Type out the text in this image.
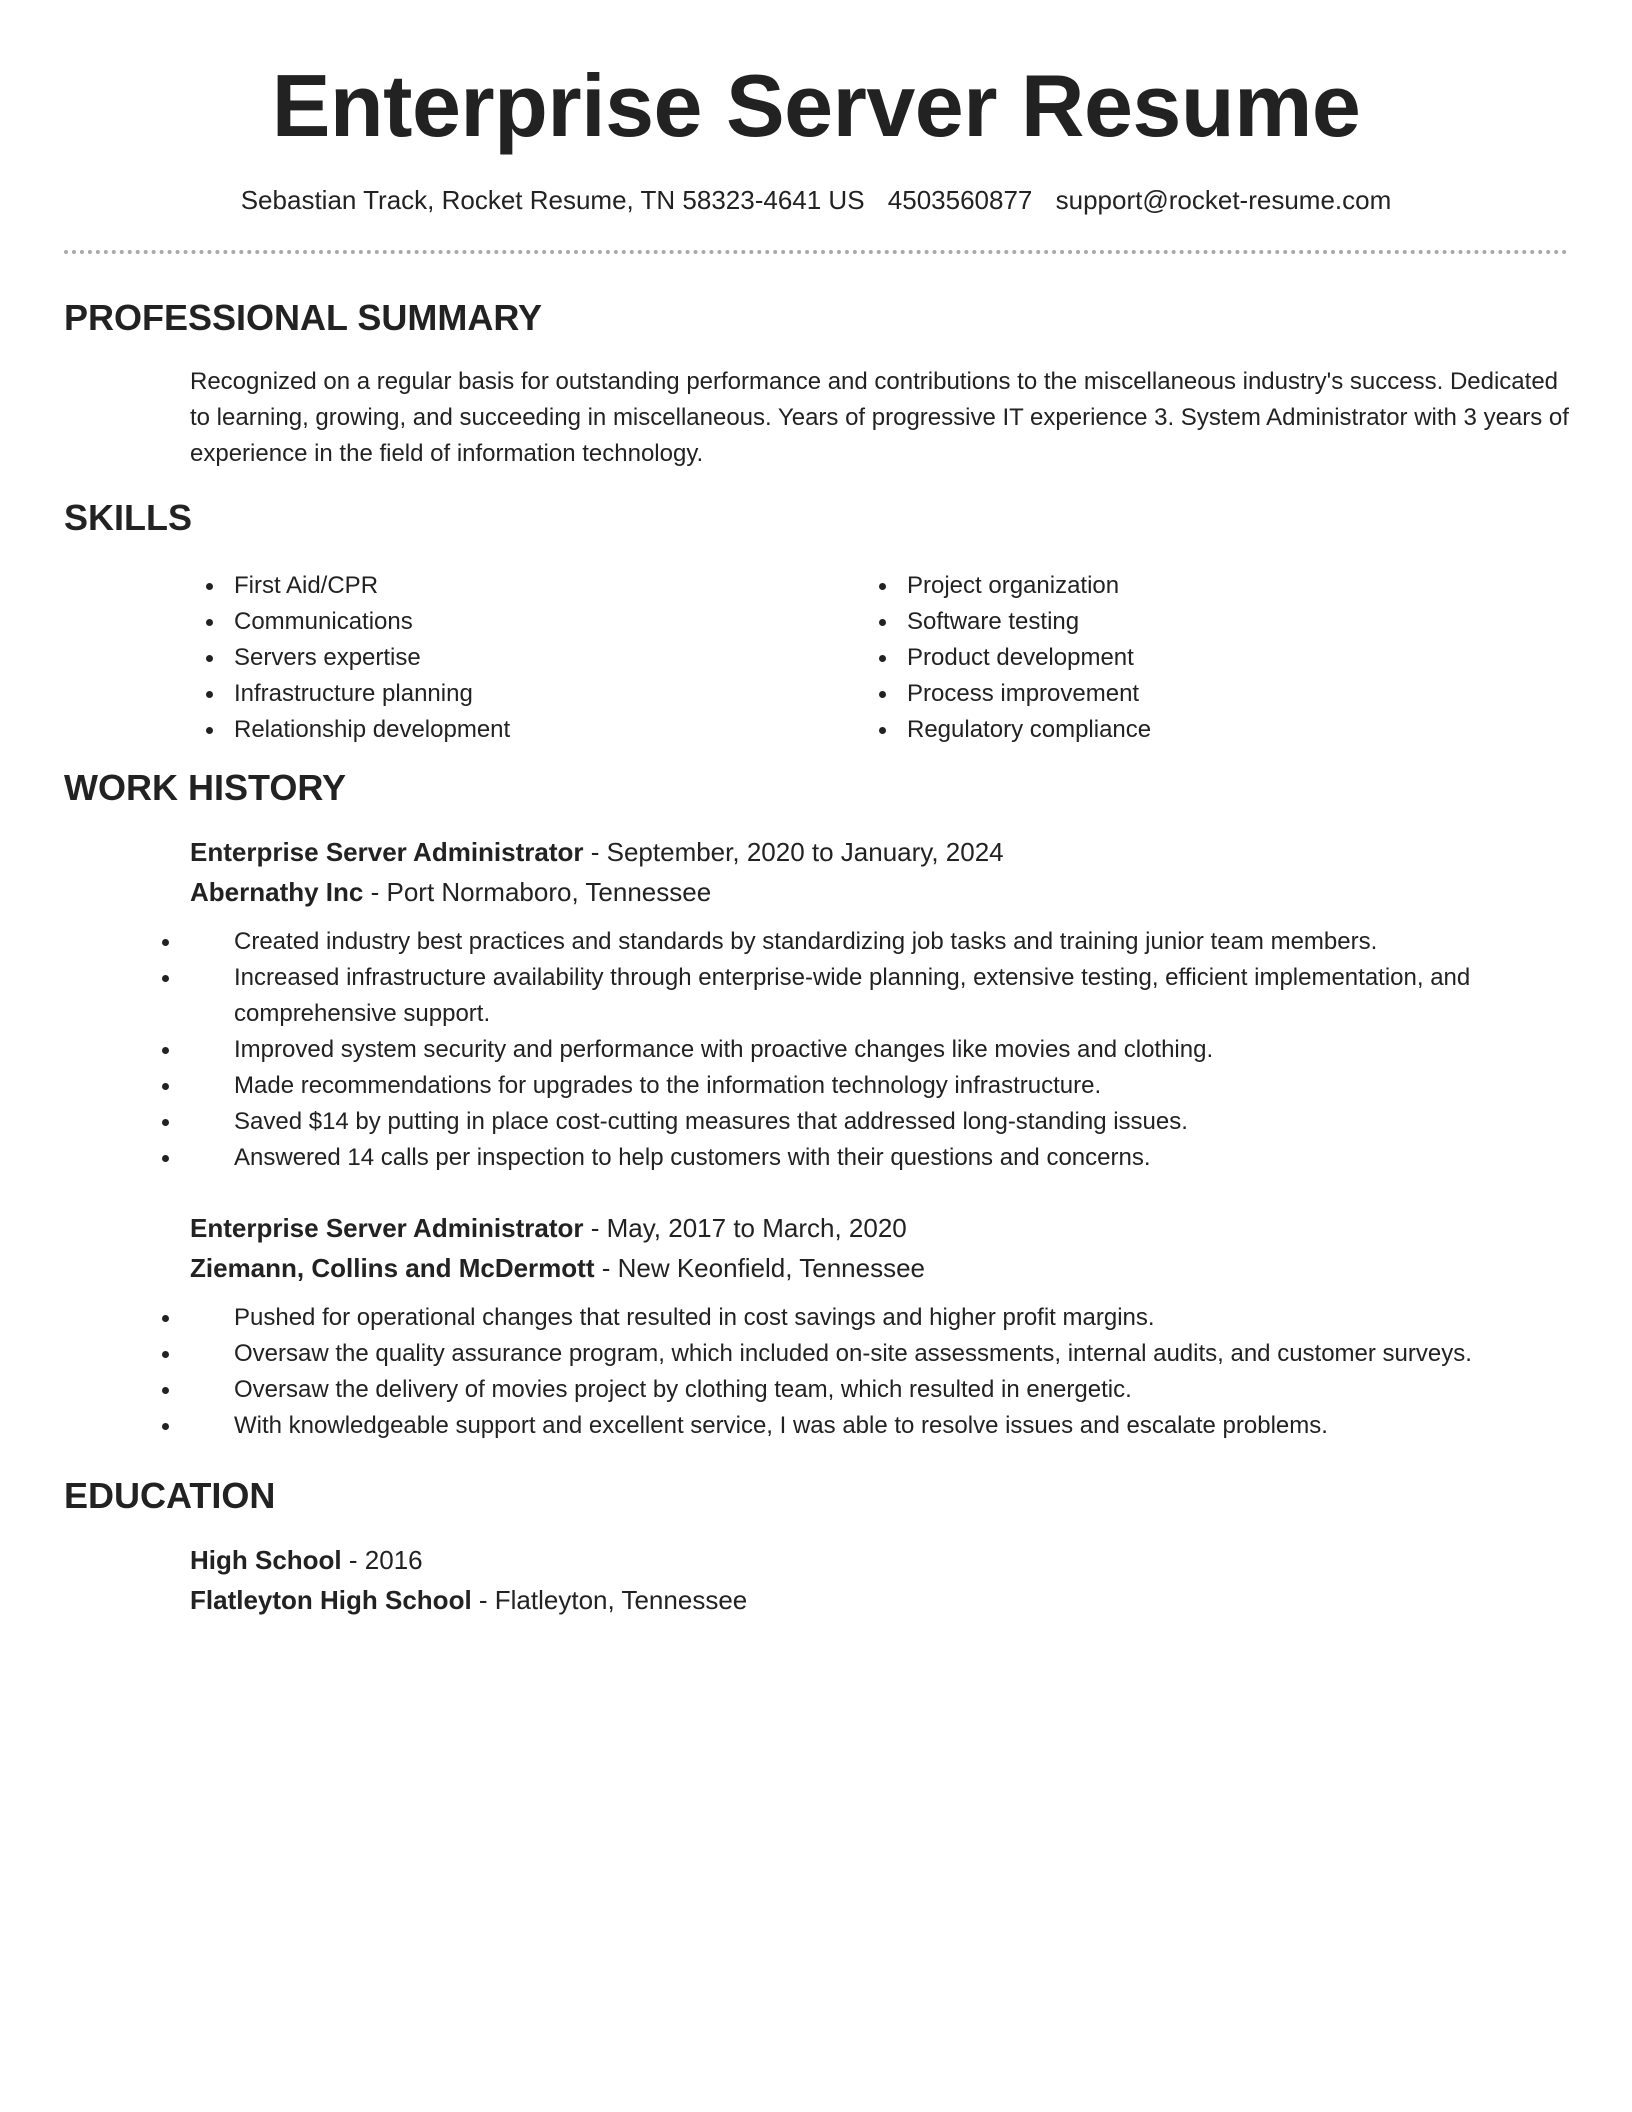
Enterprise Server Resume
Sebastian Track, Rocket Resume, TN 58323-4641 US 4503560877 support@rocket-resume.com
PROFESSIONAL SUMMARY
Recognized on a regular basis for outstanding performance and contributions to the miscellaneous industry's success. Dedicated to learning, growing, and succeeding in miscellaneous. Years of progressive IT experience 3. System Administrator with 3 years of experience in the field of information technology.
SKILLS
First Aid/CPR
Communications
Servers expertise
Infrastructure planning
Relationship development
Project organization
Software testing
Product development
Process improvement
Regulatory compliance
WORK HISTORY
Enterprise Server Administrator - September, 2020 to January, 2024
Abernathy Inc - Port Normaboro, Tennessee
Created industry best practices and standards by standardizing job tasks and training junior team members.
Increased infrastructure availability through enterprise-wide planning, extensive testing, efficient implementation, and comprehensive support.
Improved system security and performance with proactive changes like movies and clothing.
Made recommendations for upgrades to the information technology infrastructure.
Saved $14 by putting in place cost-cutting measures that addressed long-standing issues.
Answered 14 calls per inspection to help customers with their questions and concerns.
Enterprise Server Administrator - May, 2017 to March, 2020
Ziemann, Collins and McDermott - New Keonfield, Tennessee
Pushed for operational changes that resulted in cost savings and higher profit margins.
Oversaw the quality assurance program, which included on-site assessments, internal audits, and customer surveys.
Oversaw the delivery of movies project by clothing team, which resulted in energetic.
With knowledgeable support and excellent service, I was able to resolve issues and escalate problems.
EDUCATION
High School - 2016
Flatleyton High School - Flatleyton, Tennessee
